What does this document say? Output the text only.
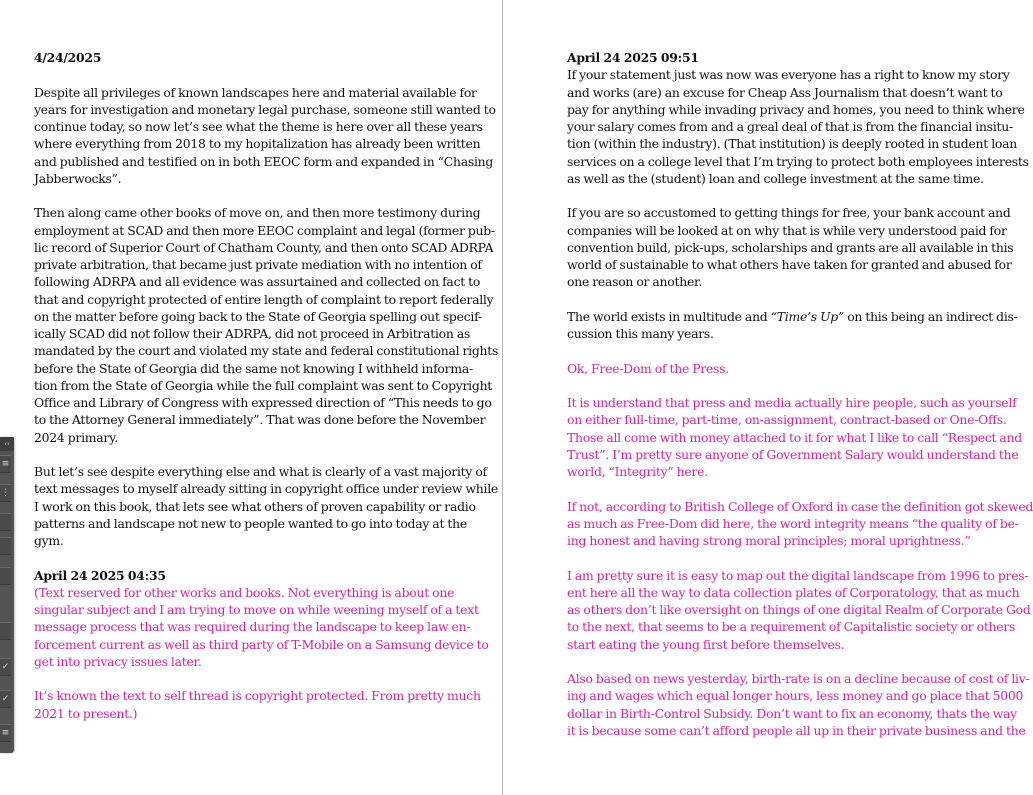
4/24/2025
Despite all privileges of known landscapes here and material available for
years for investigation and monetary legal purchase, someone still wanted to
continue today, so now let’s see what the theme is here over all these years
where everything from 2018 to my hopitalization has already been written
and published and testified on in both EEOC form and expanded in “Chasing
Jabberwocks”.
Then along came other books of move on, and then more testimony during
employment at SCAD and then more EEOC complaint and legal (former pub-
lic record of Superior Court of Chatham County, and then onto SCAD ADRPA
private arbitration, that became just private mediation with no intention of
following ADRPA and all evidence was assurtained and collected on fact to
that and copyright protected of entire length of complaint to report federally
on the matter before going back to the State of Georgia spelling out specif-
ically SCAD did not follow their ADRPA, did not proceed in Arbitration as
mandated by the court and violated my state and federal constitutional rights
before the State of Georgia did the same not knowing I withheld informa-
tion from the State of Georgia while the full complaint was sent to Copyright
Office and Library of Congress with expressed direction of “This needs to go
to the Attorney General immediately”. That was done before the November
2024 primary.
But let’s see despite everything else and what is clearly of a vast majority of
text messages to myself already sitting in copyright office under review while
I work on this book, that lets see what others of proven capability or radio
patterns and landscape not new to people wanted to go into today at the
gym.
April 24 2025 04:35
(Text reserved for other works and books. Not everything is about one
singular subject and I am trying to move on while weening myself of a text
message process that was required during the landscape to keep law en-
forcement current as well as third party of T-Mobile on a Samsung device to
get into privacy issues later.
It’s known the text to self thread is copyright protected. From pretty much
2021 to present.)
April 24 2025 09:51
If your statement just was now was everyone has a right to know my story
and works (are) an excuse for Cheap Ass Journalism that doesn’t want to
pay for anything while invading privacy and homes, you need to think where
your salary comes from and a greal deal of that is from the financial insitu-
tion (within the industry). (That institution) is deeply rooted in student loan
services on a college level that I’m trying to protect both employees interests
as well as the (student) loan and college investment at the same time.
If you are so accustomed to getting things for free, your bank account and
companies will be looked at on why that is while very understood paid for
convention build, pick-ups, scholarships and grants are all available in this
world of sustainable to what others have taken for granted and abused for
one reason or another.
The world exists in multitude and “Time’s Up” on this being an indirect dis-
cussion this many years.
Ok, Free-Dom of the Press.
It is understand that press and media actually hire people, such as yourself
on either full-time, part-time, on-assignment, contract-based or One-Offs.
Those all come with money attached to it for what I like to call “Respect and
Trust”. I’m pretty sure anyone of Government Salary would understand the
world, “Integrity” here.
If not, according to British College of Oxford in case the definition got skewed
as much as Free-Dom did here, the word integrity means “the quality of be-
ing honest and having strong moral principles; moral uprightness.”
I am pretty sure it is easy to map out the digital landscape from 1996 to pres-
ent here all the way to data collection plates of Corporatology, that as much
as others don’t like oversight on things of one digital Realm of Corporate God
to the next, that seems to be a requirement of Capitalistic society or others
start eating the young first before themselves.
Also based on news yesterday, birth-rate is on a decline because of cost of liv-
ing and wages which equal longer hours, less money and go place that 5000
dollar in Birth-Control Subsidy. Don’t want to fix an economy, thats the way
it is because some can’t afford people all up in their private business and the
‹‹
≡
⋮
✓
✓
≡
